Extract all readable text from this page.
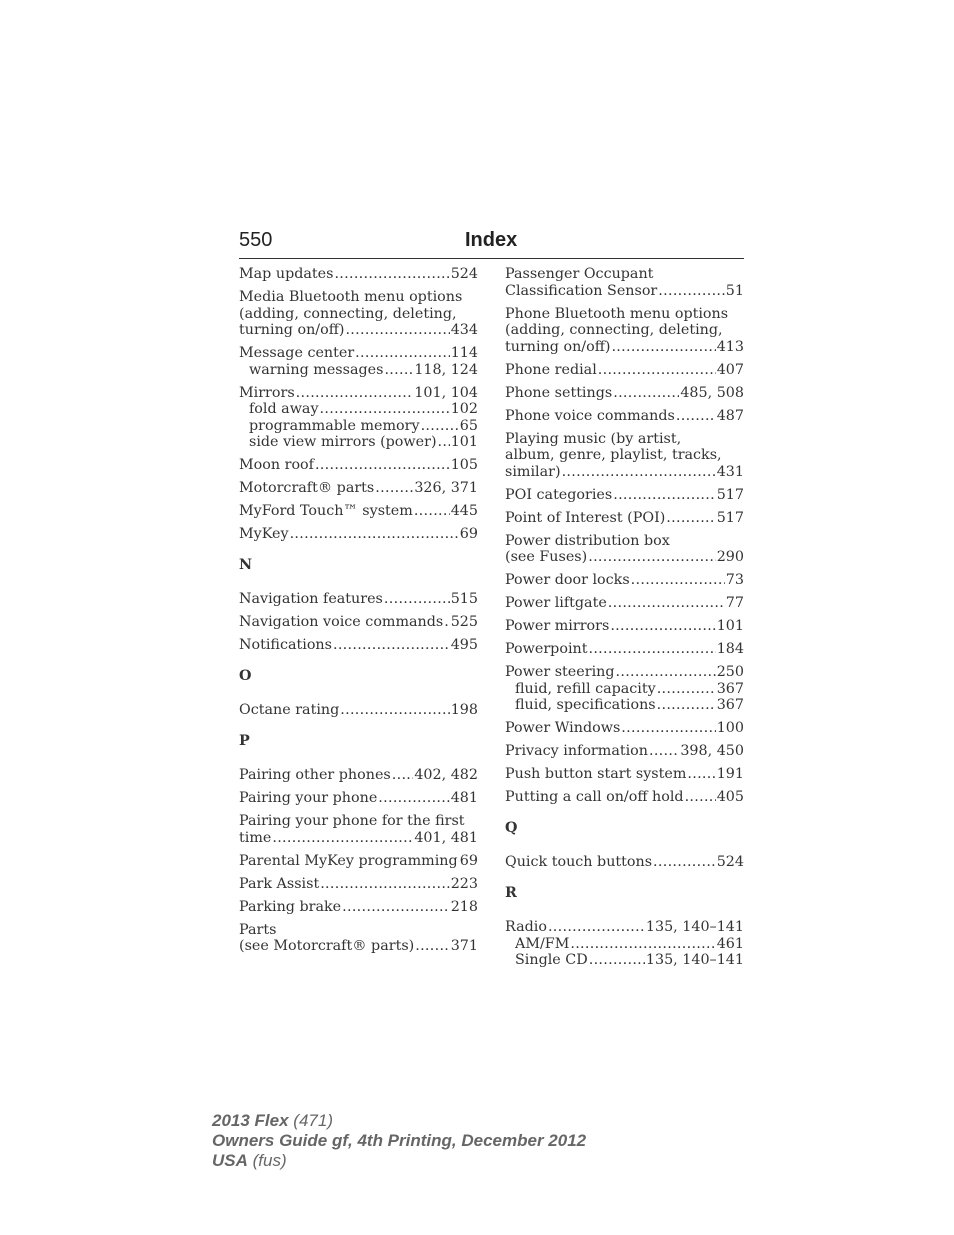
550	Index
Map updates .....	524
Media Bluetooth menu options
(adding, connecting, deleting,
turning on/off) .....	434
Message center .....	114
warning messages ..... 118, 124
Mirrors .....	101, 104
fold away .....	102
programmable memory .....	65
side view mirrors (power) ..... 101
Moon roof .....	105
Motorcraft® parts .....	326, 371
MyFord Touch™ system .....	445
MyKey .....	69
N
Navigation features .....	515
Navigation voice commands ..... 525
Notifications .....	495
O
Octane rating .....	198
P
Pairing other phones ..... 402, 482
Pairing your phone .....	481
Pairing your phone for the first
time .....	401, 481
Parental MyKey programming ..... 69
Park Assist .....	223
Parking brake .....	218
Parts
(see Motorcraft® parts) .....	371
Passenger Occupant
Classification Sensor .....	51
Phone Bluetooth menu options
(adding, connecting, deleting,
turning on/off) .....	413
Phone redial .....	407
Phone settings .....	485, 508
Phone voice commands .....	487
Playing music (by artist,
album, genre, playlist, tracks,
similar) .....	431
POI categories .....	517
Point of Interest (POI) .....	517
Power distribution box
(see Fuses) .....	290
Power door locks .....	73
Power liftgate .....	77
Power mirrors .....	101
Powerpoint .....	184
Power steering .....	250
fluid, refill capacity .....	367
fluid, specifications .....	367
Power Windows .....	100
Privacy information ..... 398, 450
Push button start system ..... 191
Putting a call on/off hold ..... 405
Q
Quick touch buttons .....	524
R
Radio .....	135, 140–141
AM/FM .....	461
Single CD .....	135, 140–141
2013 Flex (471)
Owners Guide gf, 4th Printing, December 2012
USA (fus)
